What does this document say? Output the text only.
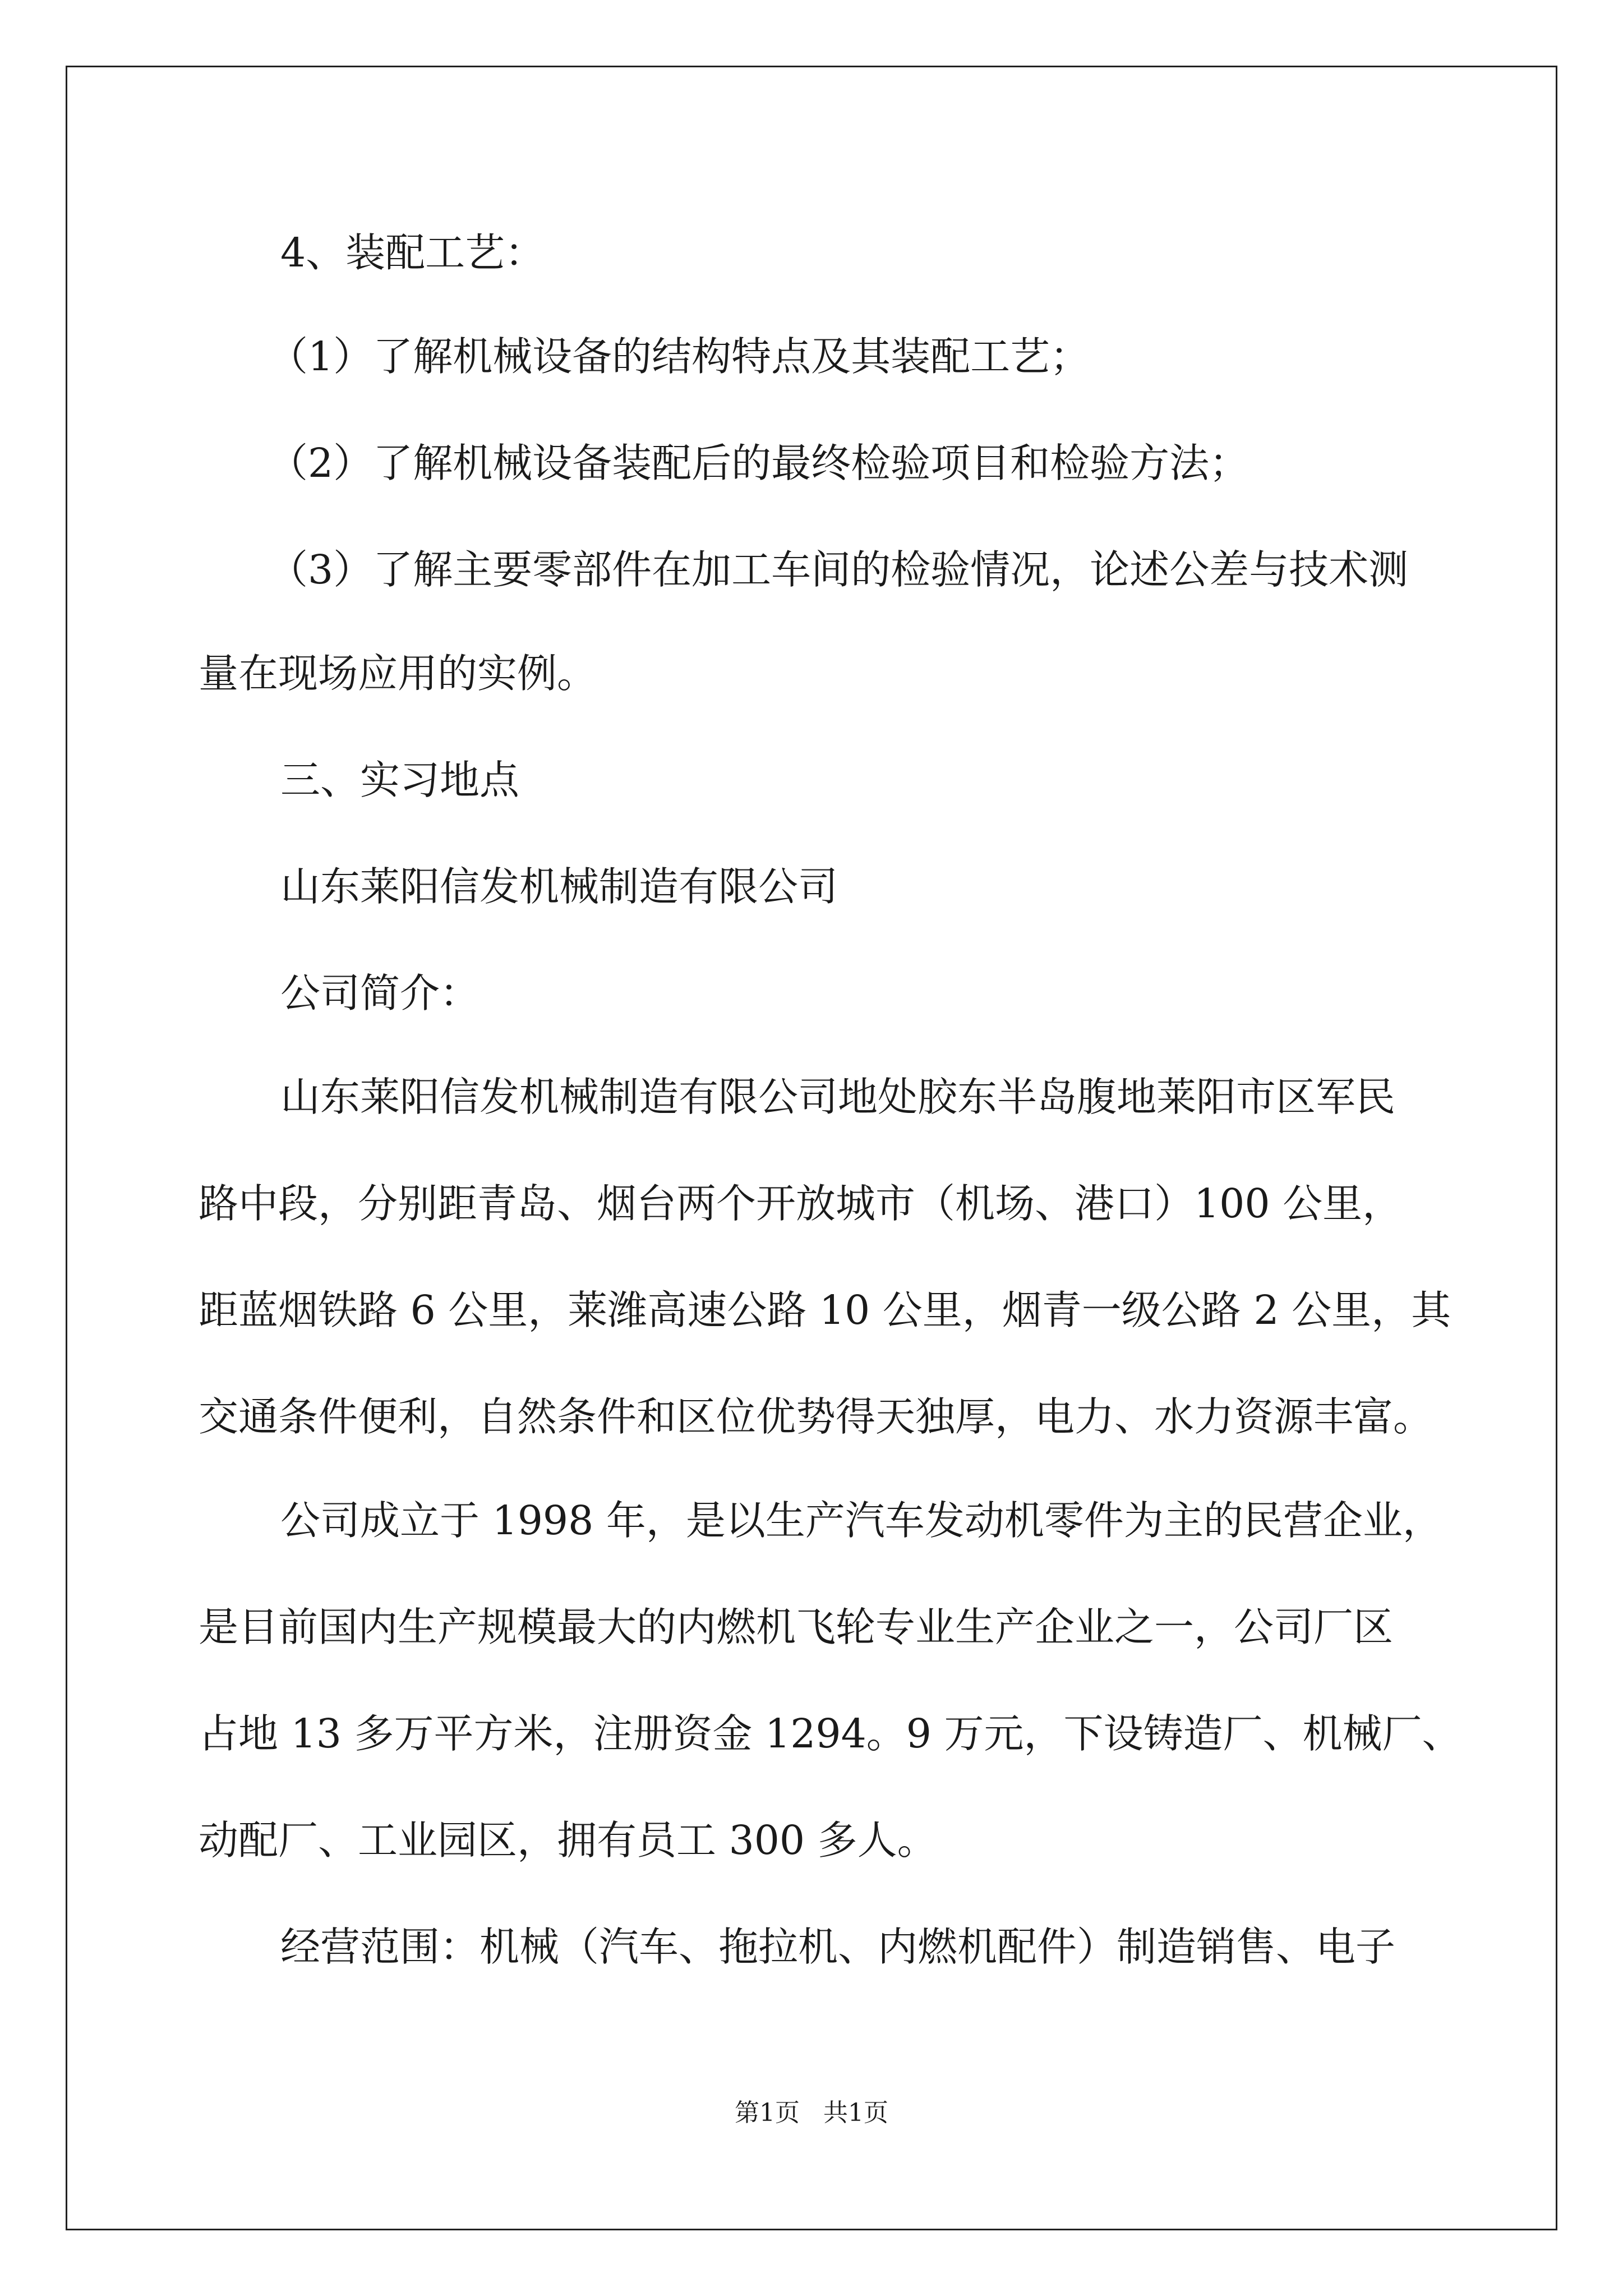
4、装配工艺：

（1）了解机械设备的结构特点及其装配工艺；

（2）了解机械设备装配后的最终检验项目和检验方法；

（3）了解主要零部件在加工车间的检验情况，论述公差与技术测

量在现场应用的实例。

三、实习地点

山东莱阳信发机械制造有限公司

公司简介：

山东莱阳信发机械制造有限公司地处胶东半岛腹地莱阳市区军民

路中段，分别距青岛、烟台两个开放城市（机场、港口）100 公里，

距蓝烟铁路 6 公里，莱潍高速公路 10 公里，烟青一级公路 2 公里，其

交通条件便利，自然条件和区位优势得天独厚，电力、水力资源丰富。

公司成立于 1998 年，是以生产汽车发动机零件为主的民营企业，

是目前国内生产规模最大的内燃机飞轮专业生产企业之一，公司厂区

占地 13 多万平方米，注册资金 1294。9 万元，下设铸造厂、机械厂、

动配厂、工业园区，拥有员工 300 多人。

经营范围：机械（汽车、拖拉机、内燃机配件）制造销售、电子

第1页   共1页
